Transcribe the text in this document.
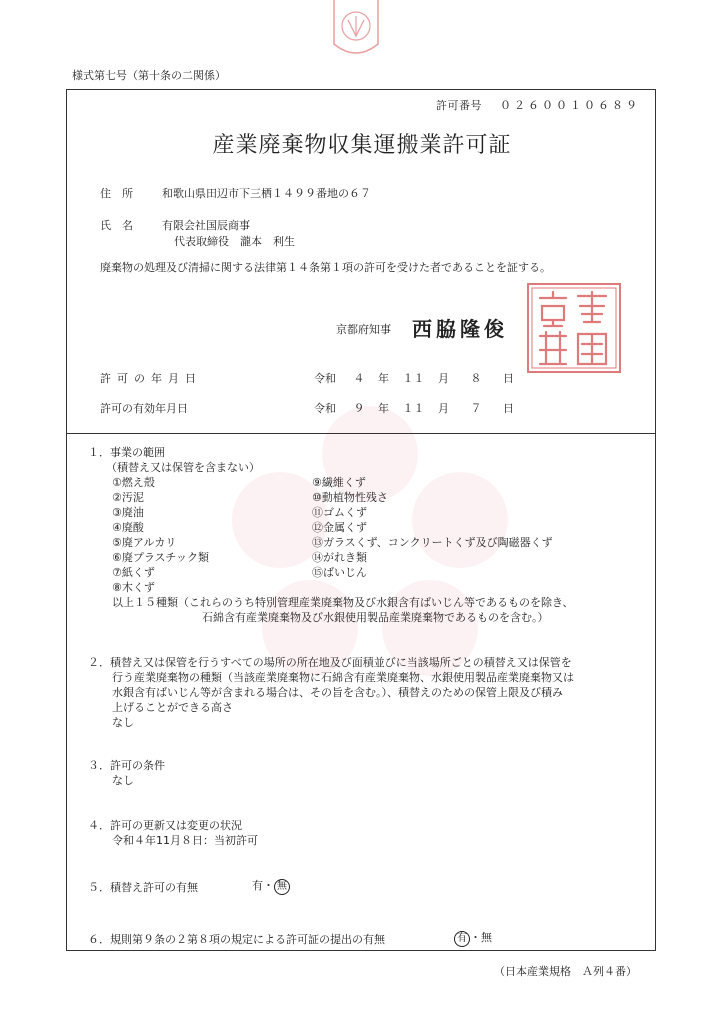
様式第七号（第十条の二関係）
許可番号 ０２６００１０６８９
産業廃棄物収集運搬業許可証
住　所	和歌山県田辺市下三栖１４９９番地の６７
氏　名	有限会社国辰商事
代表取締役　瀧本　利生
廃棄物の処理及び清掃に関する法律第１４条第１項の許可を受けた者であることを証する。
京都府知事 西脇隆俊
許可の年月日	令和 ４ 年 １１ 月 ８ 日
許可の有効年月日	令和 ９ 年 １１ 月 ７ 日
１．事業の範囲
（積替え又は保管を含まない）
①燃え殻
②汚泥
③廃油
④廃酸
⑤廃アルカリ
⑥廃プラスチック類
⑦紙くず
⑧木くず
⑨繊維くず
⑩動植物性残さ
⑪ゴムくず
⑫金属くず
⑬ガラスくず、コンクリートくず及び陶磁器くず
⑭がれき類
⑮ばいじん
以上１５種類（これらのうち特別管理産業廃棄物及び水銀含有ばいじん等であるものを除き、
石綿含有産業廃棄物及び水銀使用製品産業廃棄物であるものを含む。）
２．積替え又は保管を行うすべての場所の所在地及び面積並びに当該場所ごとの積替え又は保管を
行う産業廃棄物の種類（当該産業廃棄物に石綿含有産業廃棄物、水銀使用製品産業廃棄物又は
水銀含有ばいじん等が含まれる場合は、その旨を含む。）、積替えのための保管上限及び積み
上げることができる高さ
なし
３．許可の条件
なし
４．許可の更新又は変更の状況
令和４年11月８日：当初許可
５．積替え許可の有無	有・ 無
６．規則第９条の２第８項の規定による許可証の提出の有無	有 ・無
（日本産業規格　Ａ列４番）
